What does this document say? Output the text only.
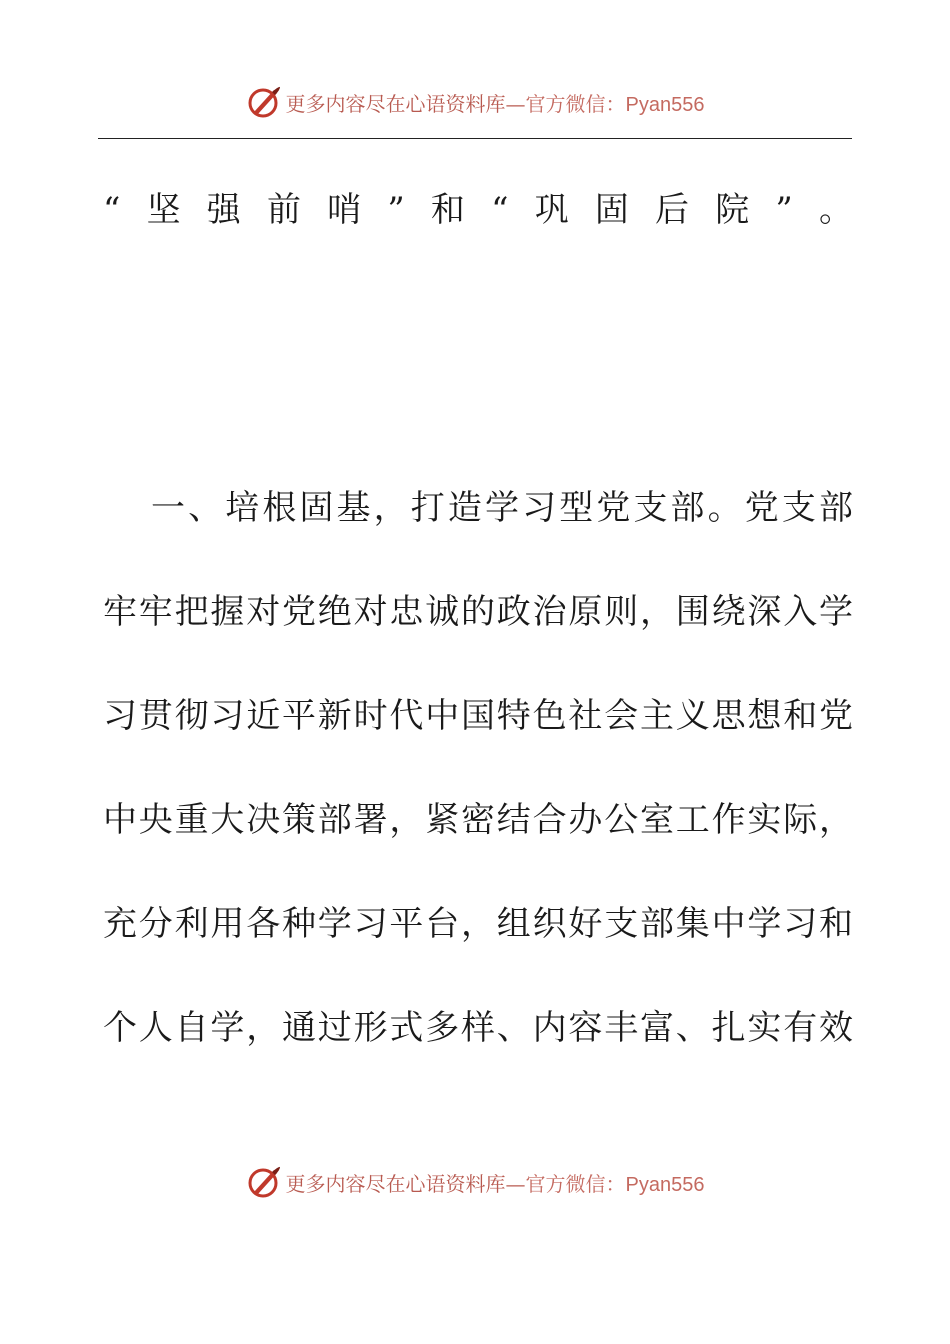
更多内容尽在心语资料库—官方微信：Pyan556
“坚强前哨”和“巩固后院”。
一、培根固基，打造学习型党支部。党支部
牢牢把握对党绝对忠诚的政治原则，围绕深入学
习贯彻习近平新时代中国特色社会主义思想和党
中央重大决策部署，紧密结合办公室工作实际，
充分利用各种学习平台，组织好支部集中学习和
个人自学，通过形式多样、内容丰富、扎实有效
更多内容尽在心语资料库—官方微信：Pyan556
